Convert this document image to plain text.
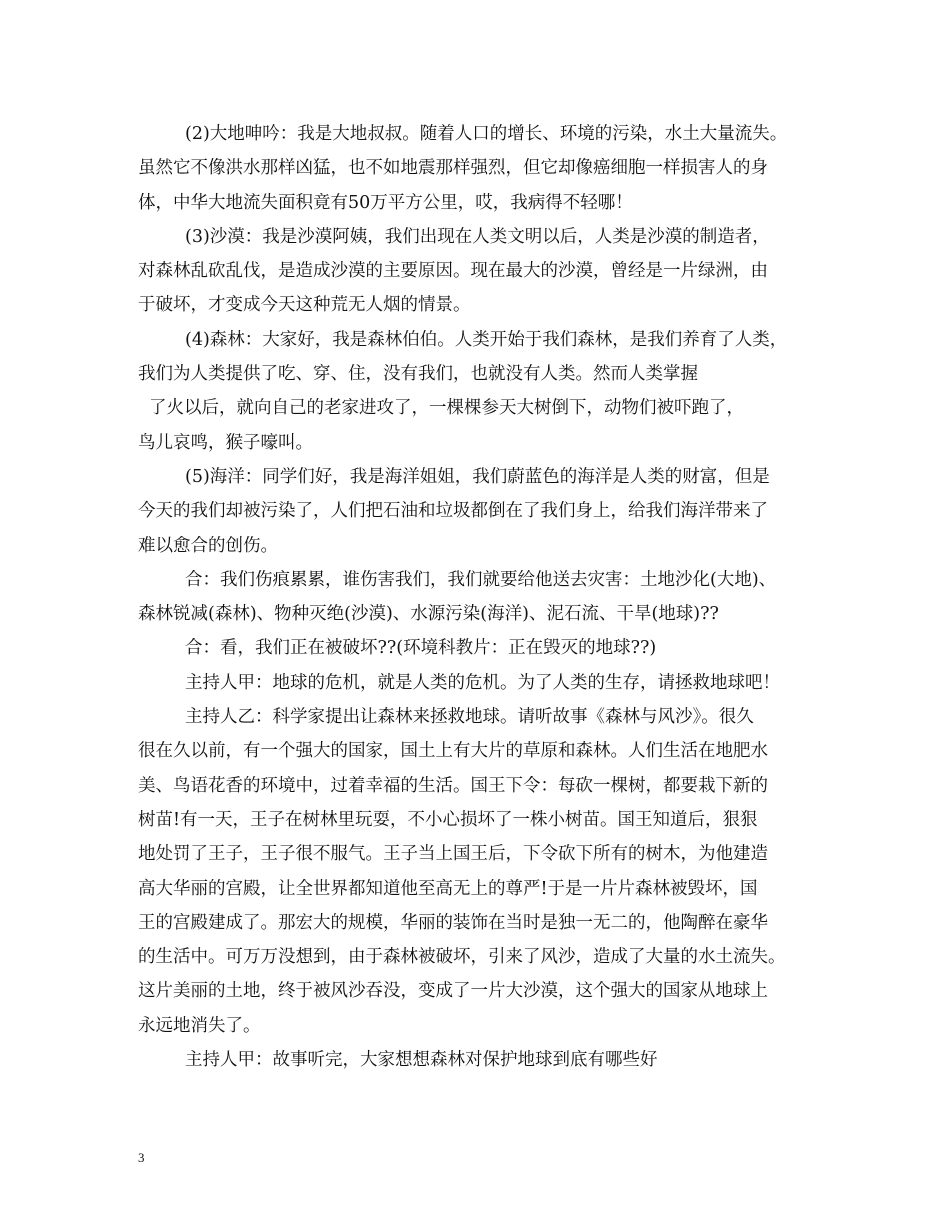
(2)大地呻吟：我是大地叔叔。随着人口的增长、环境的污染，水土大量流失。
虽然它不像洪水那样凶猛，也不如地震那样强烈，但它却像癌细胞一样损害人的身
体，中华大地流失面积竟有50万平方公里，哎，我病得不轻哪！
(3)沙漠：我是沙漠阿姨，我们出现在人类文明以后，人类是沙漠的制造者，
对森林乱砍乱伐，是造成沙漠的主要原因。现在最大的沙漠，曾经是一片绿洲，由
于破坏，才变成今天这种荒无人烟的情景。
(4)森林：大家好，我是森林伯伯。人类开始于我们森林，是我们养育了人类，
我们为人类提供了吃、穿、住，没有我们，也就没有人类。然而人类掌握
了火以后，就向自己的老家进攻了，一棵棵参天大树倒下，动物们被吓跑了，
鸟儿哀鸣，猴子嚎叫。
(5)海洋：同学们好，我是海洋姐姐，我们蔚蓝色的海洋是人类的财富，但是
今天的我们却被污染了，人们把石油和垃圾都倒在了我们身上，给我们海洋带来了
难以愈合的创伤。
合：我们伤痕累累，谁伤害我们，我们就要给他送去灾害：土地沙化(大地)、
森林锐减(森林)、物种灭绝(沙漠)、水源污染(海洋)、泥石流、干旱(地球)??
合：看，我们正在被破坏??(环境科教片：正在毁灭的地球??)
主持人甲：地球的危机，就是人类的危机。为了人类的生存，请拯救地球吧！
主持人乙：科学家提出让森林来拯救地球。请听故事《森林与风沙》。很久
很在久以前，有一个强大的国家，国土上有大片的草原和森林。人们生活在地肥水
美、鸟语花香的环境中，过着幸福的生活。国王下令：每砍一棵树，都要栽下新的
树苗!有一天，王子在树林里玩耍，不小心损坏了一株小树苗。国王知道后，狠狠
地处罚了王子，王子很不服气。王子当上国王后，下令砍下所有的树木，为他建造
高大华丽的宫殿，让全世界都知道他至高无上的尊严!于是一片片森林被毁坏，国
王的宫殿建成了。那宏大的规模，华丽的装饰在当时是独一无二的，他陶醉在豪华
的生活中。可万万没想到，由于森林被破坏，引来了风沙，造成了大量的水土流失。
这片美丽的土地，终于被风沙吞没，变成了一片大沙漠，这个强大的国家从地球上
永远地消失了。
主持人甲：故事听完，大家想想森林对保护地球到底有哪些好
3
